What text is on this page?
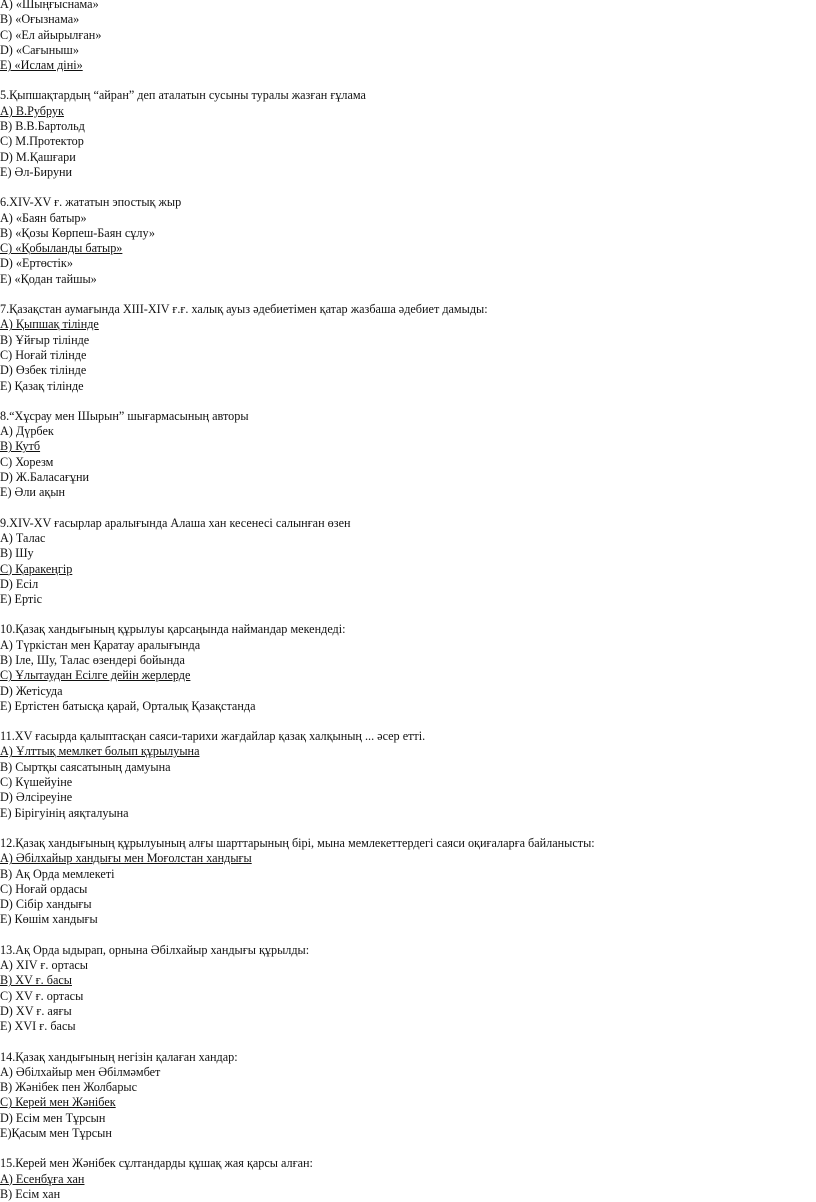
A) «Шыңғыснама»
B) «Оғызнама»
C) «Ел айырылған»
D) «Сағыныш»
E) «Ислам діні»
5.Қыпшақтардың “айран” деп аталатын сусыны туралы жазған ғұлама
A) В.Рубрук
B) В.В.Бартольд
C) М.Протектор
D) М.Қашғари
E) Әл-Бируни
6.XIV-XV ғ. жататын эпостық жыр
A) «Баян батыр»
B) «Қозы Көрпеш-Баян сұлу»
C) «Қобыланды батыр»
D) «Ертөстік»
E) «Қодан тайшы»
7.Қазақстан аумағында XIII-XIV ғ.ғ. халық ауыз әдебиетімен қатар жазбаша әдебиет дамыды:
A) Қыпшақ тілінде
B) Ұйғыр тілінде
C) Ноғай тілінде
D) Өзбек тілінде
E) Қазақ тілінде
8.“Хұсрау мен Шырын” шығармасының авторы
A) Дүрбек
B) Кутб
C) Хорезм
D) Ж.Баласағұни
E) Әли ақын
9.XIV-XV ғасырлар аралығында Алаша хан кесенесі салынған өзен
A) Талас
B) Шу
C) Қаракеңгір
D) Есіл
E) Ертіс
10.Қазақ хандығының құрылуы қарсаңында наймандар мекендеді:
A) Түркістан мен Қаратау аралығында
B) Іле, Шу, Талас өзендері бойында
C) Ұлытаудан Есілге дейін жерлерде
D) Жетісуда
E) Ертістен батысқа қарай, Орталық Қазақстанда
11.XV ғасырда қалыптасқан саяси-тарихи жағдайлар қазақ халқының ... әсер етті.
A) Ұлттық мемлкет болып құрылуына
B) Сыртқы саясатының дамуына
C) Күшейуіне
D) Әлсіреуіне
E) Бірігуінің аяқталуына
12.Қазақ хандығының құрылуының алғы шарттарының бірі, мына мемлекеттердегі саяси оқиғаларға байланысты:
A) Әбілхайыр хандығы мен Моғолстан хандығы
B) Ақ Орда мемлекеті
C) Ноғай ордасы
D) Сібір хандығы
E) Көшім хандығы
13.Ақ Орда ыдырап, орнына Әбілхайыр хандығы құрылды:
A) XIV ғ. ортасы
B) XV ғ. басы
C) XV ғ. ортасы
D) XV ғ. аяғы
E) XVI ғ. басы
14.Қазақ хандығының негізін қалаған хандар:
A) Әбілхайыр мен Әбілмәмбет
B) Жәнібек пен Жолбарыс
C) Керей мен Жәнібек
D) Есім мен Тұрсын
E)Қасым мен Тұрсын
15.Керей мен Жәнібек сұлтандарды құшақ жая қарсы алған:
A) Есенбұға хан
B) Есім хан
